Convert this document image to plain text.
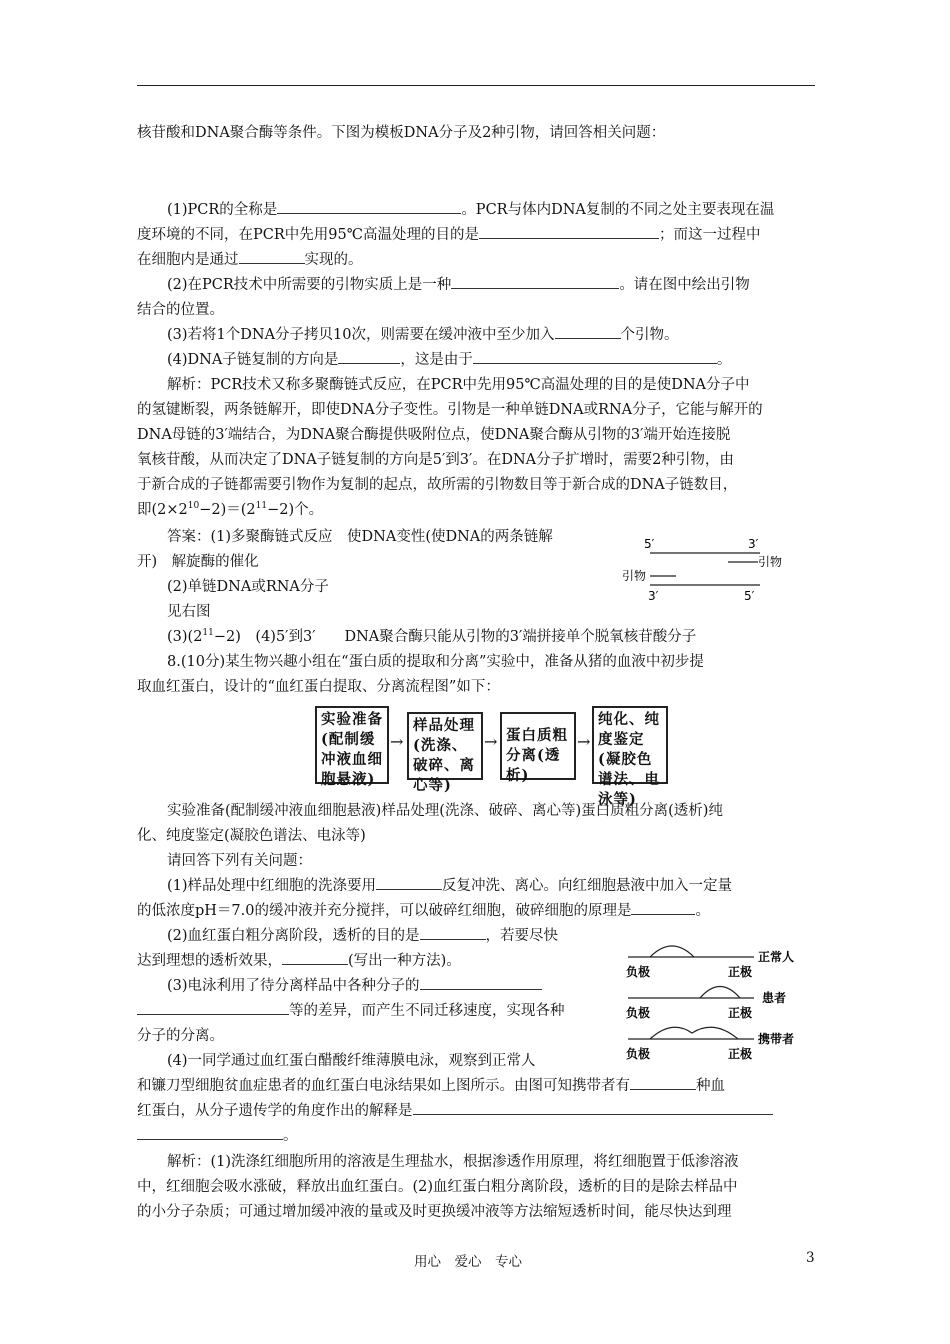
核苷酸和DNA聚合酶等条件。下图为模板DNA分子及2种引物，请回答相关问题：
(1)PCR的全称是	。PCR与体内DNA复制的不同之处主要表现在温
度环境的不同，在PCR中先用95℃高温处理的目的是	；而这一过程中
在细胞内是通过	实现的。
(2)在PCR技术中所需要的引物实质上是一种	。请在图中绘出引物
结合的位置。
(3)若将1个DNA分子拷贝10次，则需要在缓冲液中至少加入	个引物。
(4)DNA子链复制的方向是	，这是由于	。
解析：PCR技术又称多聚酶链式反应，在PCR中先用95℃高温处理的目的是使DNA分子中
的氢键断裂，两条链解开，即使DNA分子变性。引物是一种单链DNA或RNA分子，它能与解开的
DNA母链的3′端结合，为DNA聚合酶提供吸附位点，使DNA聚合酶从引物的3′端开始连接脱
氧核苷酸，从而决定了DNA子链复制的方向是5′到3′。在DNA分子扩增时，需要2种引物，由
于新合成的子链都需要引物作为复制的起点，故所需的引物数目等于新合成的DNA子链数目，
即$(2\times 2^{10}-2)=(2^{11}-2)$个。
答案：(1)多聚酶链式反应　使DNA变性(使DNA的两条链解
开)　解旋酶的催化
(2)单链DNA或RNA分子
见右图
$(3)(2^{11}-2)$　(4)5′到3′　　DNA聚合酶只能从引物的3′端拼接单个脱氧核苷酸分子
5′	3′
引物
引物
3′	5′
8.(10分)某生物兴趣小组在“蛋白质的提取和分离”实验中，准备从猪的血液中初步提
取血红蛋白，设计的“血红蛋白提取、分离流程图”如下：
实验准备(配制缓冲液血细胞悬液)
→
样品处理(洗涤、破碎、离心等)
→ 蛋白质粗分离(透析)
→
纯化、纯度鉴定(凝胶色谱法、电泳等)
实验准备(配制缓冲液血细胞悬液)样品处理(洗涤、破碎、离心等)蛋白质粗分离(透析)纯
化、纯度鉴定(凝胶色谱法、电泳等)
请回答下列有关问题：
(1)样品处理中红细胞的洗涤要用	反复冲洗、离心。向红细胞悬液中加入一定量
的低浓度pH＝7.0的缓冲液并充分搅拌，可以破碎红细胞，破碎细胞的原理是	。
(2)血红蛋白粗分离阶段，透析的目的是	，若要尽快
达到理想的透析效果，	(写出一种方法)。
(3)电泳利用了待分离样品中各种分子的
等的差异，而产生不同迁移速度，实现各种
分子的分离。
(4)一同学通过血红蛋白醋酸纤维薄膜电泳，观察到正常人
和镰刀型细胞贫血症患者的血红蛋白电泳结果如上图所示。由图可知携带者有	种血
红蛋白，从分子遗传学的角度作出的解释是
。
正常人
负极	正极
患者
负极	正极
携带者
负极	正极
解析：(1)洗涤红细胞所用的溶液是生理盐水，根据渗透作用原理，将红细胞置于低渗溶液
中，红细胞会吸水涨破，释放出血红蛋白。(2)血红蛋白粗分离阶段，透析的目的是除去样品中
的小分子杂质；可通过增加缓冲液的量或及时更换缓冲液等方法缩短透析时间，能尽快达到理
用心　爱心　专心	3
